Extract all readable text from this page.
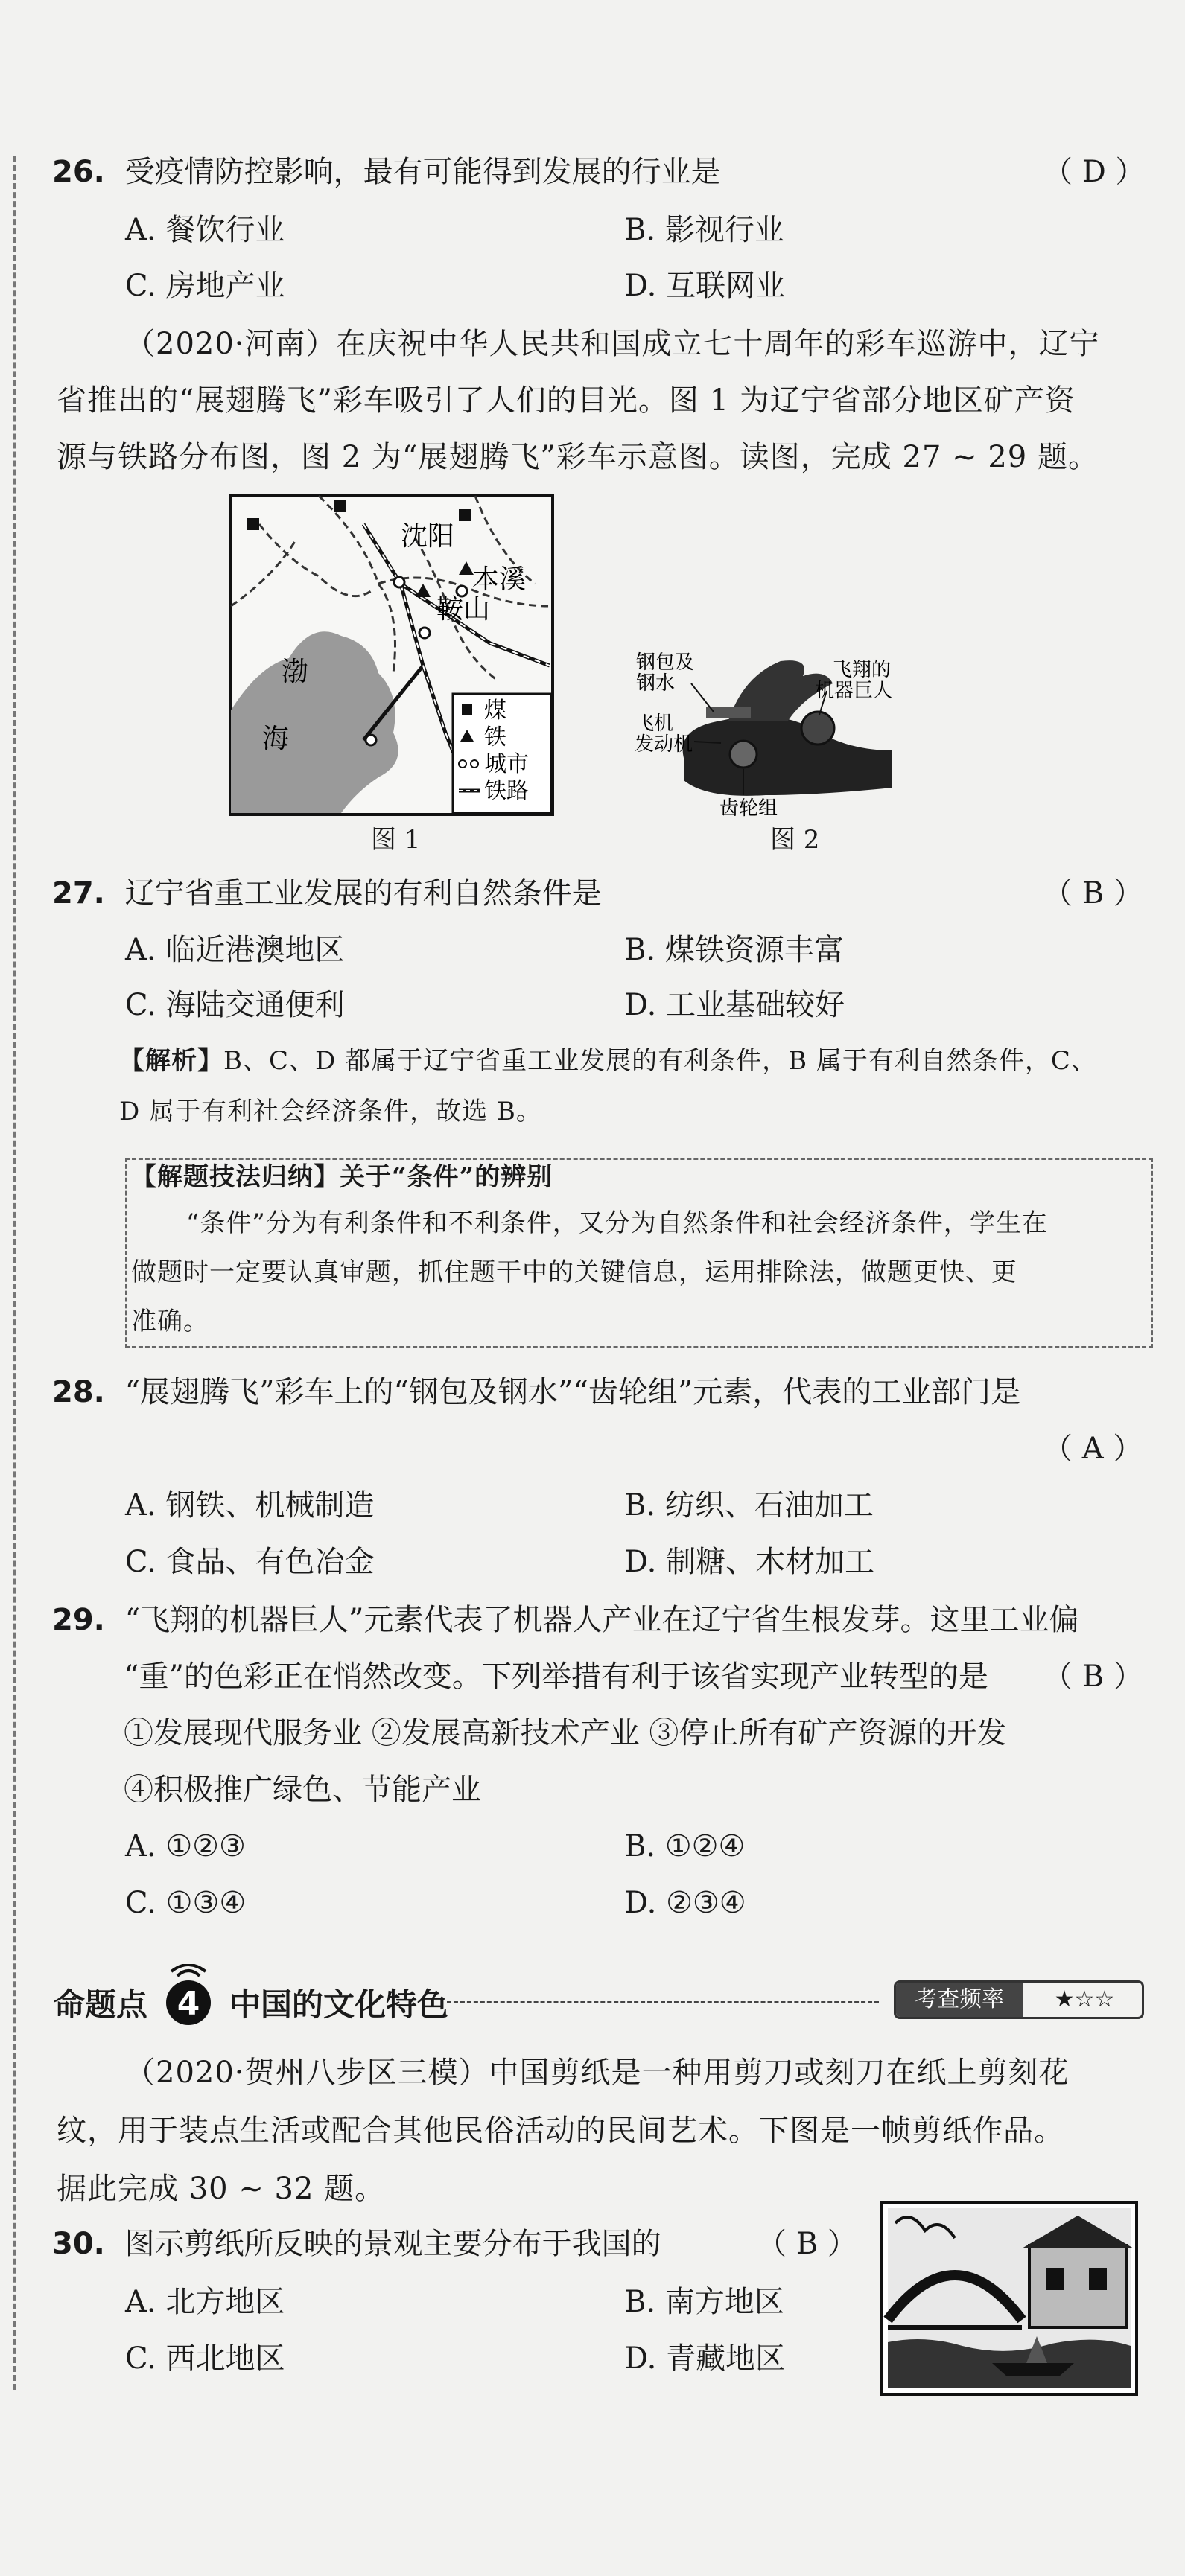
26. 受疫情防控影响，最有可能得到发展的行业是	（ D ）
A. 餐饮行业	B. 影视行业
C. 房地产业	D. 互联网业
（2020·河南）在庆祝中华人民共和国成立七十周年的彩车巡游中，辽宁
省推出的“展翅腾飞”彩车吸引了人们的目光。图 1 为辽宁省部分地区矿产资
源与铁路分布图，图 2 为“展翅腾飞”彩车示意图。读图，完成 27 ~ 29 题。
沈阳
本溪
鞍山
渤
海
煤
铁
城市
铁路
图 1
钢包及
钢水
飞机
发动机
飞翔的
机器巨人
齿轮组
图 2
27. 辽宁省重工业发展的有利自然条件是	（ B ）
A. 临近港澳地区	B. 煤铁资源丰富
C. 海陆交通便利	D. 工业基础较好
【解析】B、C、D 都属于辽宁省重工业发展的有利条件，B 属于有利自然条件，C、
D 属于有利社会经济条件，故选 B。
【解题技法归纳】关于“条件”的辨别
“条件”分为有利条件和不利条件，又分为自然条件和社会经济条件，学生在
做题时一定要认真审题，抓住题干中的关键信息，运用排除法，做题更快、更
准确。
28. “展翅腾飞”彩车上的“钢包及钢水”“齿轮组”元素，代表的工业部门是
（ A ）
A. 钢铁、机械制造	B. 纺织、石油加工
C. 食品、有色冶金	D. 制糖、木材加工
29. “飞翔的机器巨人”元素代表了机器人产业在辽宁省生根发芽。这里工业偏
“重”的色彩正在悄然改变。下列举措有利于该省实现产业转型的是 （ B ）
①发展现代服务业 ②发展高新技术产业 ③停止所有矿产资源的开发
④积极推广绿色、节能产业
A. ①②③	B. ①②④
C. ①③④	D. ②③④
命题点 4 中国的文化特色	考查频率	★☆☆
（2020·贺州八步区三模）中国剪纸是一种用剪刀或刻刀在纸上剪刻花
纹，用于装点生活或配合其他民俗活动的民间艺术。下图是一帧剪纸作品。
据此完成 30 ~ 32 题。
30. 图示剪纸所反映的景观主要分布于我国的	（ B ）
A. 北方地区	B. 南方地区
C. 西北地区	D. 青藏地区
